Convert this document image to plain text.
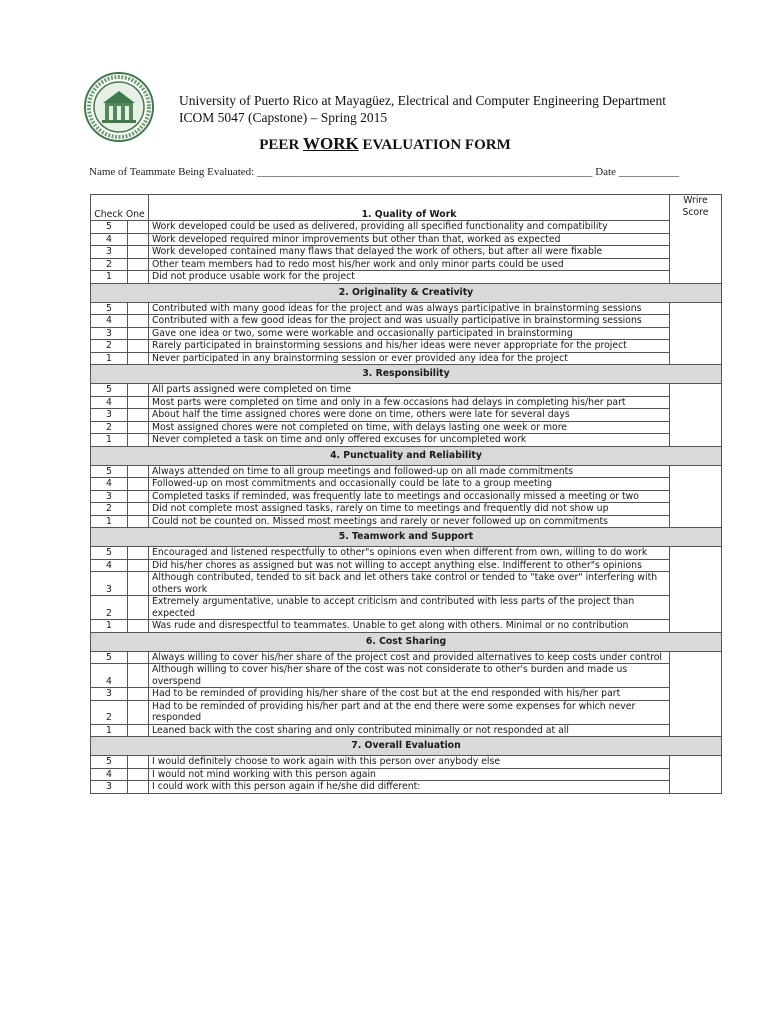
University of Puerto Rico at Mayagüez, Electrical and Computer Engineering Department
ICOM 5047 (Capstone) – Spring 2015
PEER WORK EVALUATION FORM
Name of Teammate Being Evaluated: _____________________________________________________________ Date ___________
Check One		1. Quality of Work	Wrire Score
5		Work developed could be used as delivered, providing all specified functionality and compatibility	
4		Work developed required minor improvements but other than that, worked as expected	
3		Work developed contained many flaws that delayed the work of others, but after all were fixable	
2		Other team members had to redo most his/her work and only minor parts could be used	
1		Did not produce usable work for the project	
2. Originality & Creativity			
5		Contributed with many good ideas for the project and was always participative in brainstorming sessions	
4		Contributed with a few good ideas for the project and was usually participative in brainstorming sessions	
3		Gave one idea or two, some were workable and occasionally participated in brainstorming	
2		Rarely participated in brainstorming sessions and his/her ideas were never appropriate for the project	
1		Never participated in any brainstorming session or ever provided any idea for the project	
3. Responsibility			
5		All parts assigned were completed on time	
4		Most parts were completed on time and only in a few occasions had delays in completing his/her part	
3		About half the time assigned chores were done on time, others were late for several days	
2		Most assigned chores were not completed on time, with delays lasting one week or more	
1		Never completed a task on time and only offered excuses for uncompleted work	
4. Punctuality and Reliability			
5		Always attended on time to all group meetings and followed-up on all made commitments	
4		Followed-up on most commitments and occasionally could be late to a group meeting	
3		Completed tasks if reminded, was frequently late to meetings and occasionally missed a meeting or two	
2		Did not complete most assigned tasks, rarely on time to meetings and frequently did not show up	
1		Could not be counted on. Missed most meetings and rarely or never followed up on commitments	
5. Teamwork and Support			
5		Encouraged and listened respectfully to other"s opinions even when different from own, willing to do work	
4		Did his/her chores as assigned but was not willing to accept anything else. Indifferent to other"s opinions	
3		Although contributed, tended to sit back and let others take control or tended to "take over" interfering with others work	
2		Extremely argumentative, unable to accept criticism and contributed with less parts of the project than expected	
1		Was rude and disrespectful to teammates. Unable to get along with others. Minimal or no contribution	
6. Cost Sharing			
5		Always willing to cover his/her share of the project cost and provided alternatives to keep costs under control	
4		Although willing to cover his/her share of the cost was not considerate to other's burden and made us overspend	
3		Had to be reminded of providing his/her share of the cost but at the end responded with his/her part	
2		Had to be reminded of providing his/her part and at the end there were some expenses for which never responded	
1		Leaned back with the cost sharing and only contributed minimally or not responded at all	
7. Overall Evaluation			
5		I would definitely choose to work again with this person over anybody else	
4		I would not mind working with this person again	
3		I could work with this person again if he/she did different:	
